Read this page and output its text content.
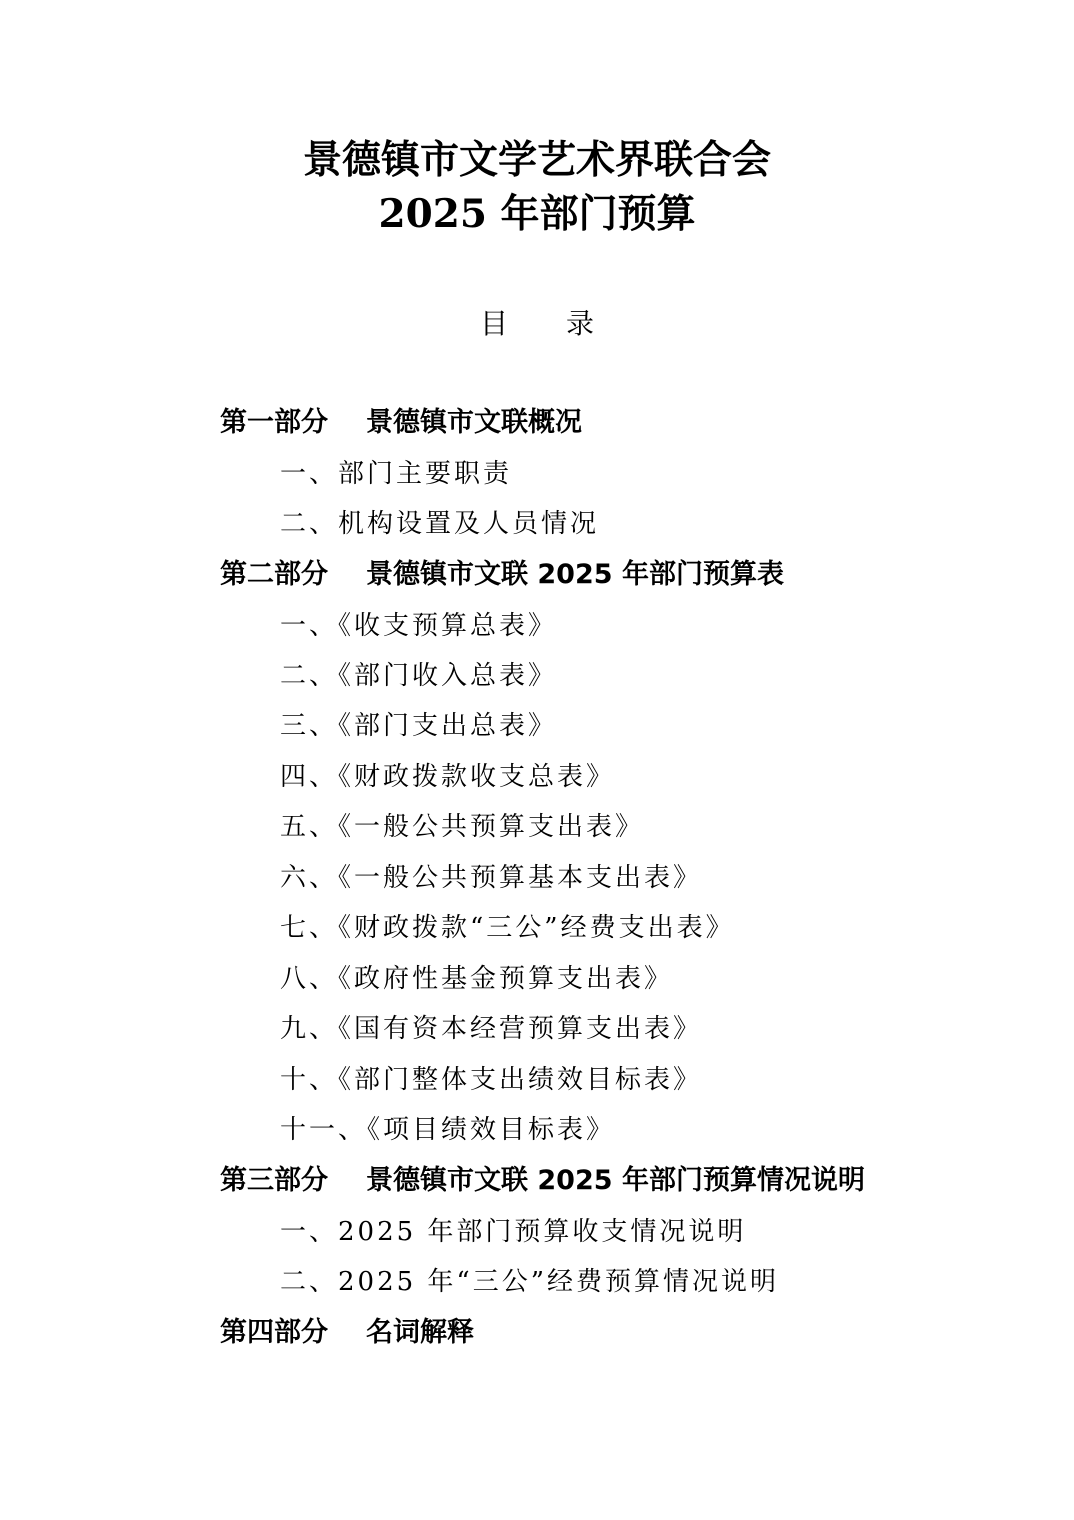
景德镇市文学艺术界联合会
2025 年部门预算
目 录
第一部分 景德镇市文联概况
一、部门主要职责
二、机构设置及人员情况
第二部分 景德镇市文联 2025 年部门预算表
一、《收支预算总表》
二、《部门收入总表》
三、《部门支出总表》
四、《财政拨款收支总表》
五、《一般公共预算支出表》
六、《一般公共预算基本支出表》
七、《财政拨款“三公”经费支出表》
八、《政府性基金预算支出表》
九、《国有资本经营预算支出表》
十、《部门整体支出绩效目标表》
十一、《项目绩效目标表》
第三部分 景德镇市文联 2025 年部门预算情况说明
一、2025 年部门预算收支情况说明
二、2025 年“三公”经费预算情况说明
第四部分 名词解释
